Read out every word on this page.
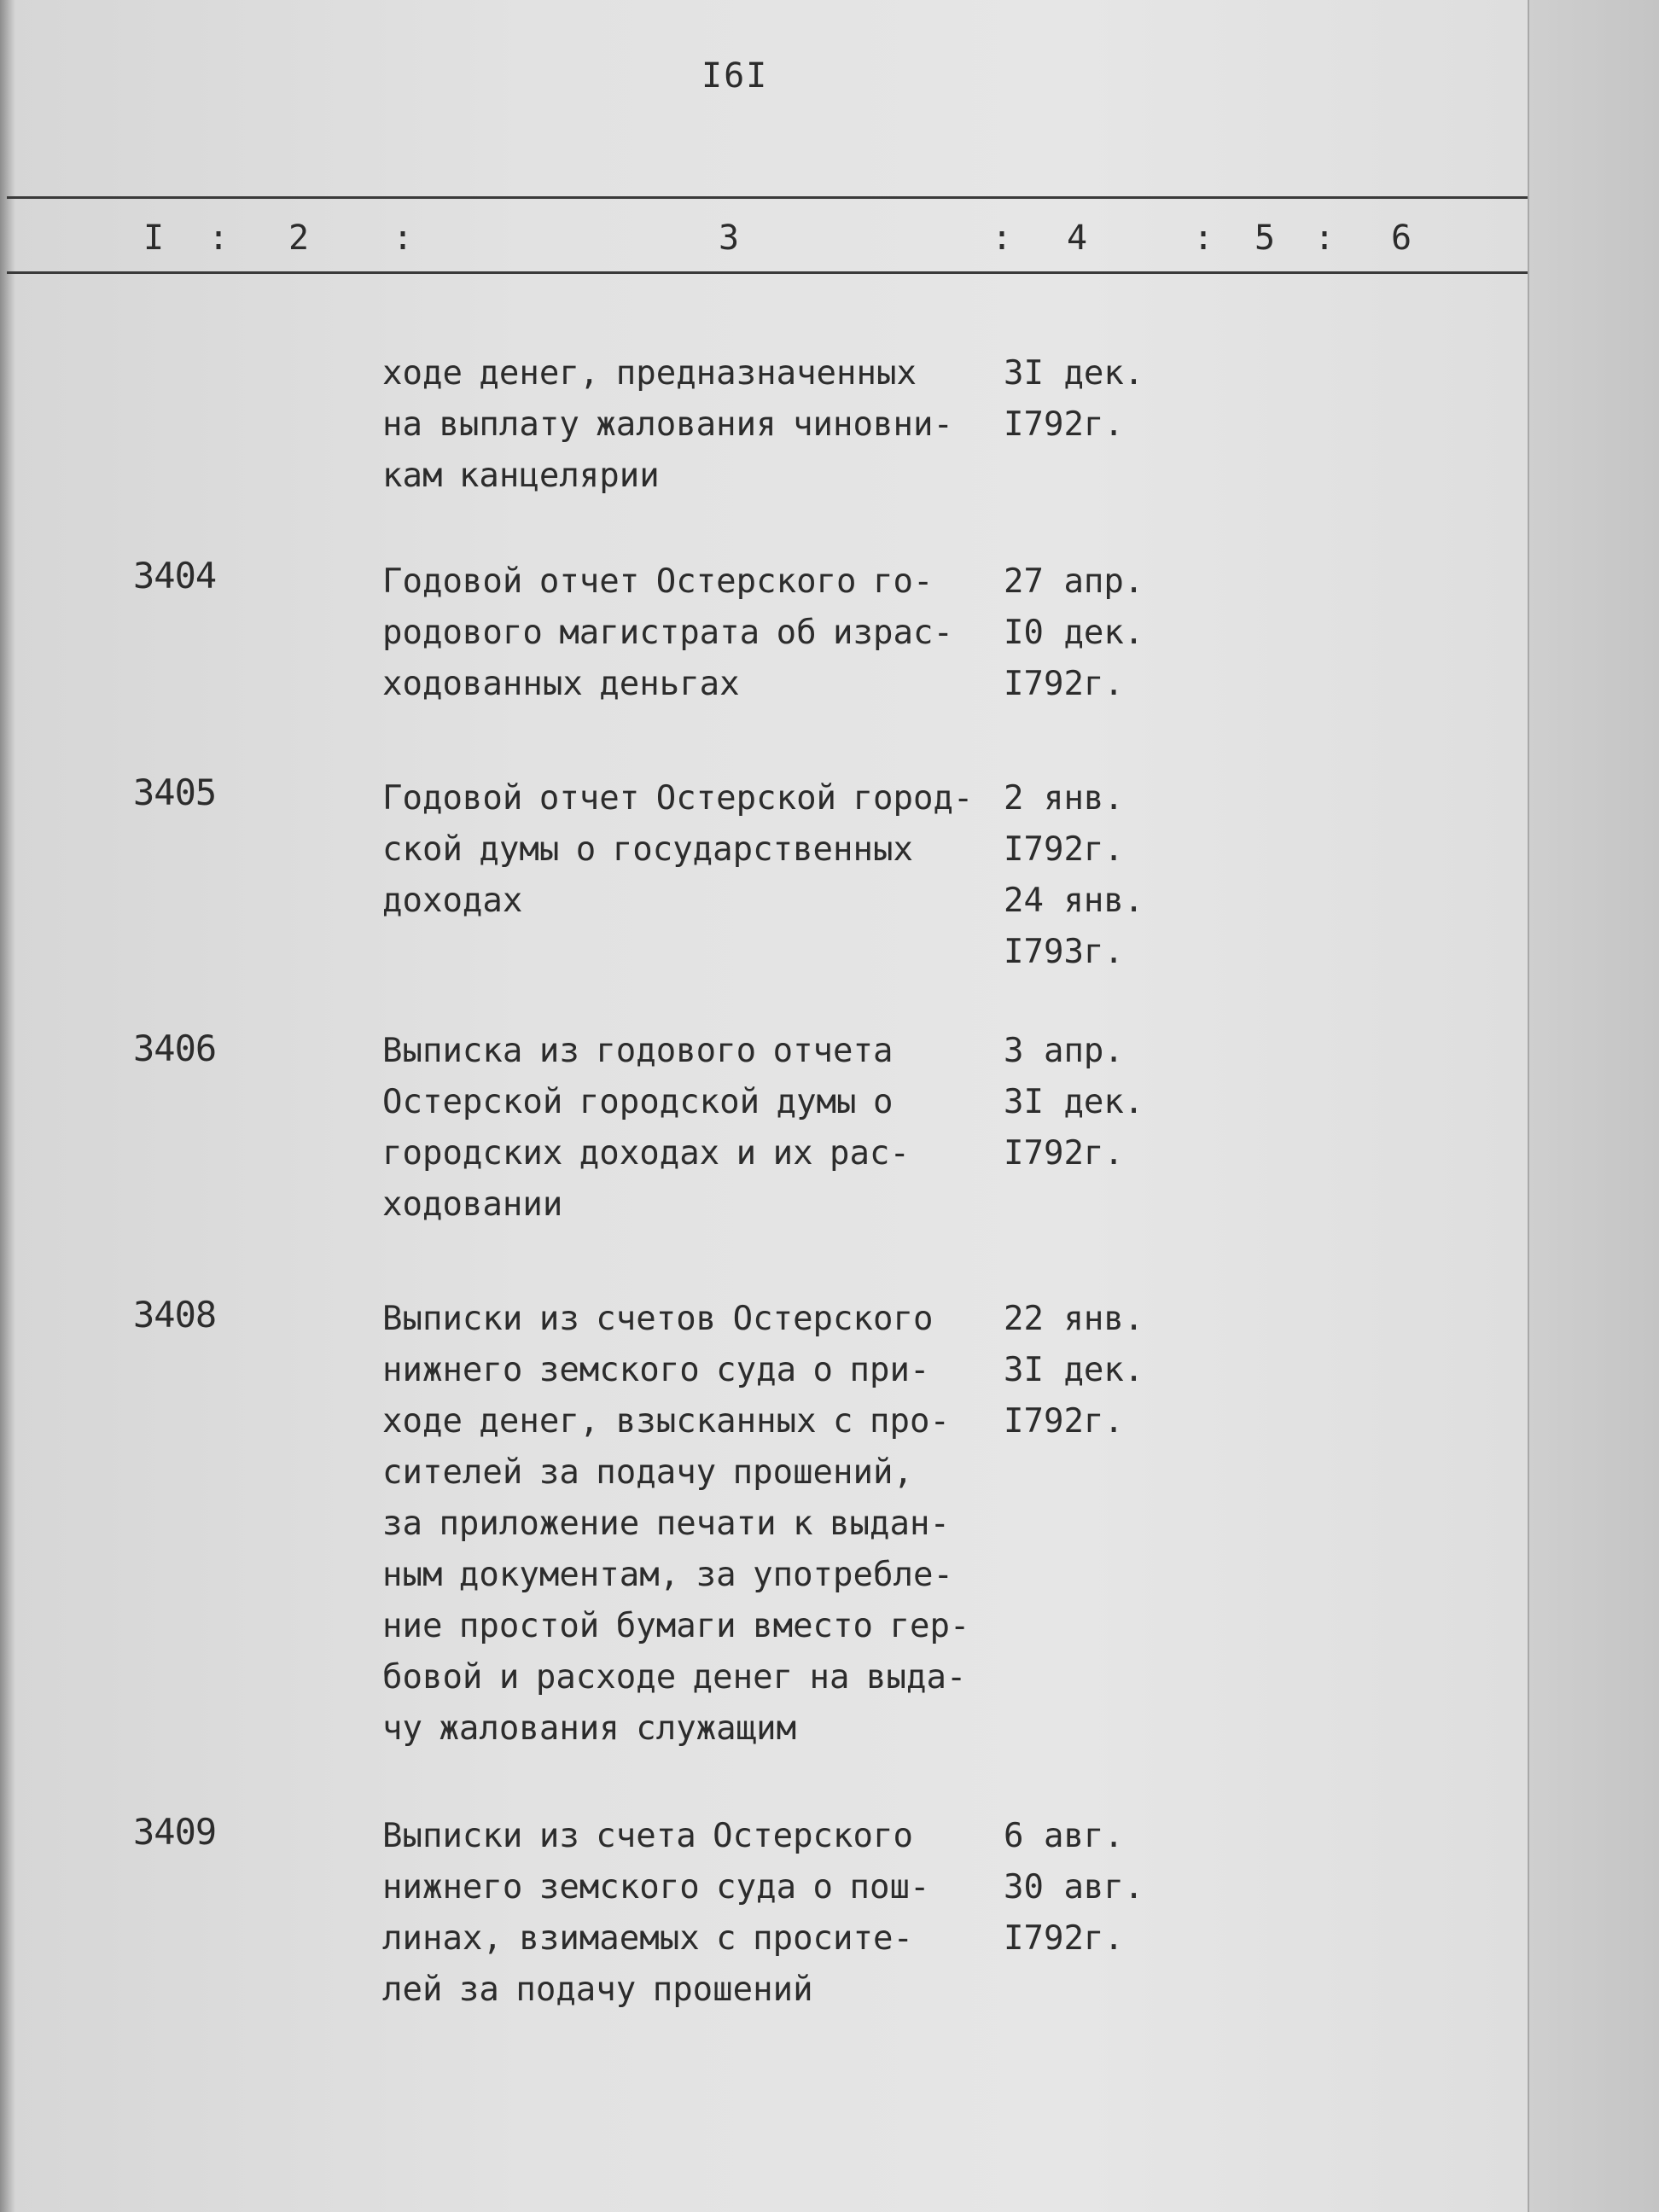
I6I
I : 2 :	3	: 4	: 5 : 6
ходе денег, предназначенных
на выплату жалования чиновни-
кам канцелярии
3I дек.
I792г.
3404	Годовой отчет Остерского го-
родового магистрата об израс-
ходованных деньгах
27 апр.
I0 дек.
I792г.
3405	Годовой отчет Остерской город-
ской думы о государственных
доходах
2 янв.
I792г.
24 янв.
I793г.
3406	Выписка из годового отчета
Остерской городской думы о
городских доходах и их рас-
ходовании
3 апр.
3I дек.
I792г.
3408	Выписки из счетов Остерского
нижнего земского суда о при-
ходе денег, взысканных с про-
сителей за подачу прошений,
за приложение печати к выдан-
ным документам, за употребле-
ние простой бумаги вместо гер-
бовой и расходе денег на выда-
чу жалования служащим
22 янв.
3I дек.
I792г.
3409	Выписки из счета Остерского
нижнего земского суда о пош-
линах, взимаемых с просите-
лей за подачу прошений
6 авг.
30 авг.
I792г.
